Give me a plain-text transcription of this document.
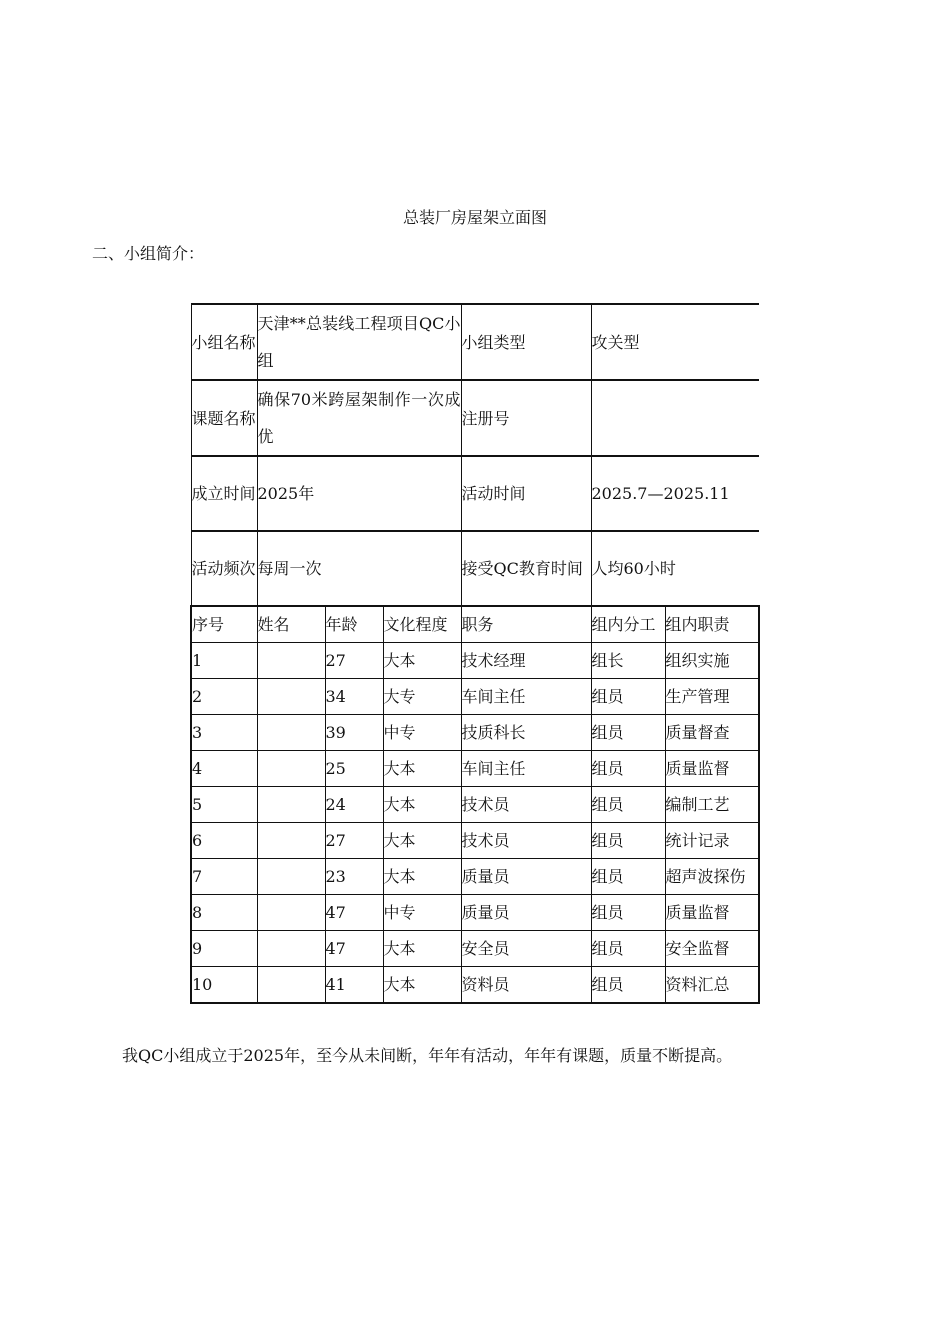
总装厂房屋架立面图
二、小组简介：
小组名称	天津**总装线工程项目QC小组			小组类型	攻关型	

课题名称	确保70米跨屋架制作一次成优			注册号		

成立时间	2025年			活动时间	2025.7—2025.11	

活动频次	每周一次			接受QC教育时间	人均60小时	
序号	姓名	年龄	文化程度	职务	组内分工	组内职责
1		27	大本	技术经理	组长	组织实施
2		34	大专	车间主任	组员	生产管理
3		39	中专	技质科长	组员	质量督查
4		25	大本	车间主任	组员	质量监督
5		24	大本	技术员	组员	编制工艺
6		27	大本	技术员	组员	统计记录
7		23	大本	质量员	组员	超声波探伤
8		47	中专	质量员	组员	质量监督
9		47	大本	安全员	组员	安全监督
10		41	大本	资料员	组员	资料汇总
我QC小组成立于2025年，至今从未间断，年年有活动，年年有课题，质量不断提高。
